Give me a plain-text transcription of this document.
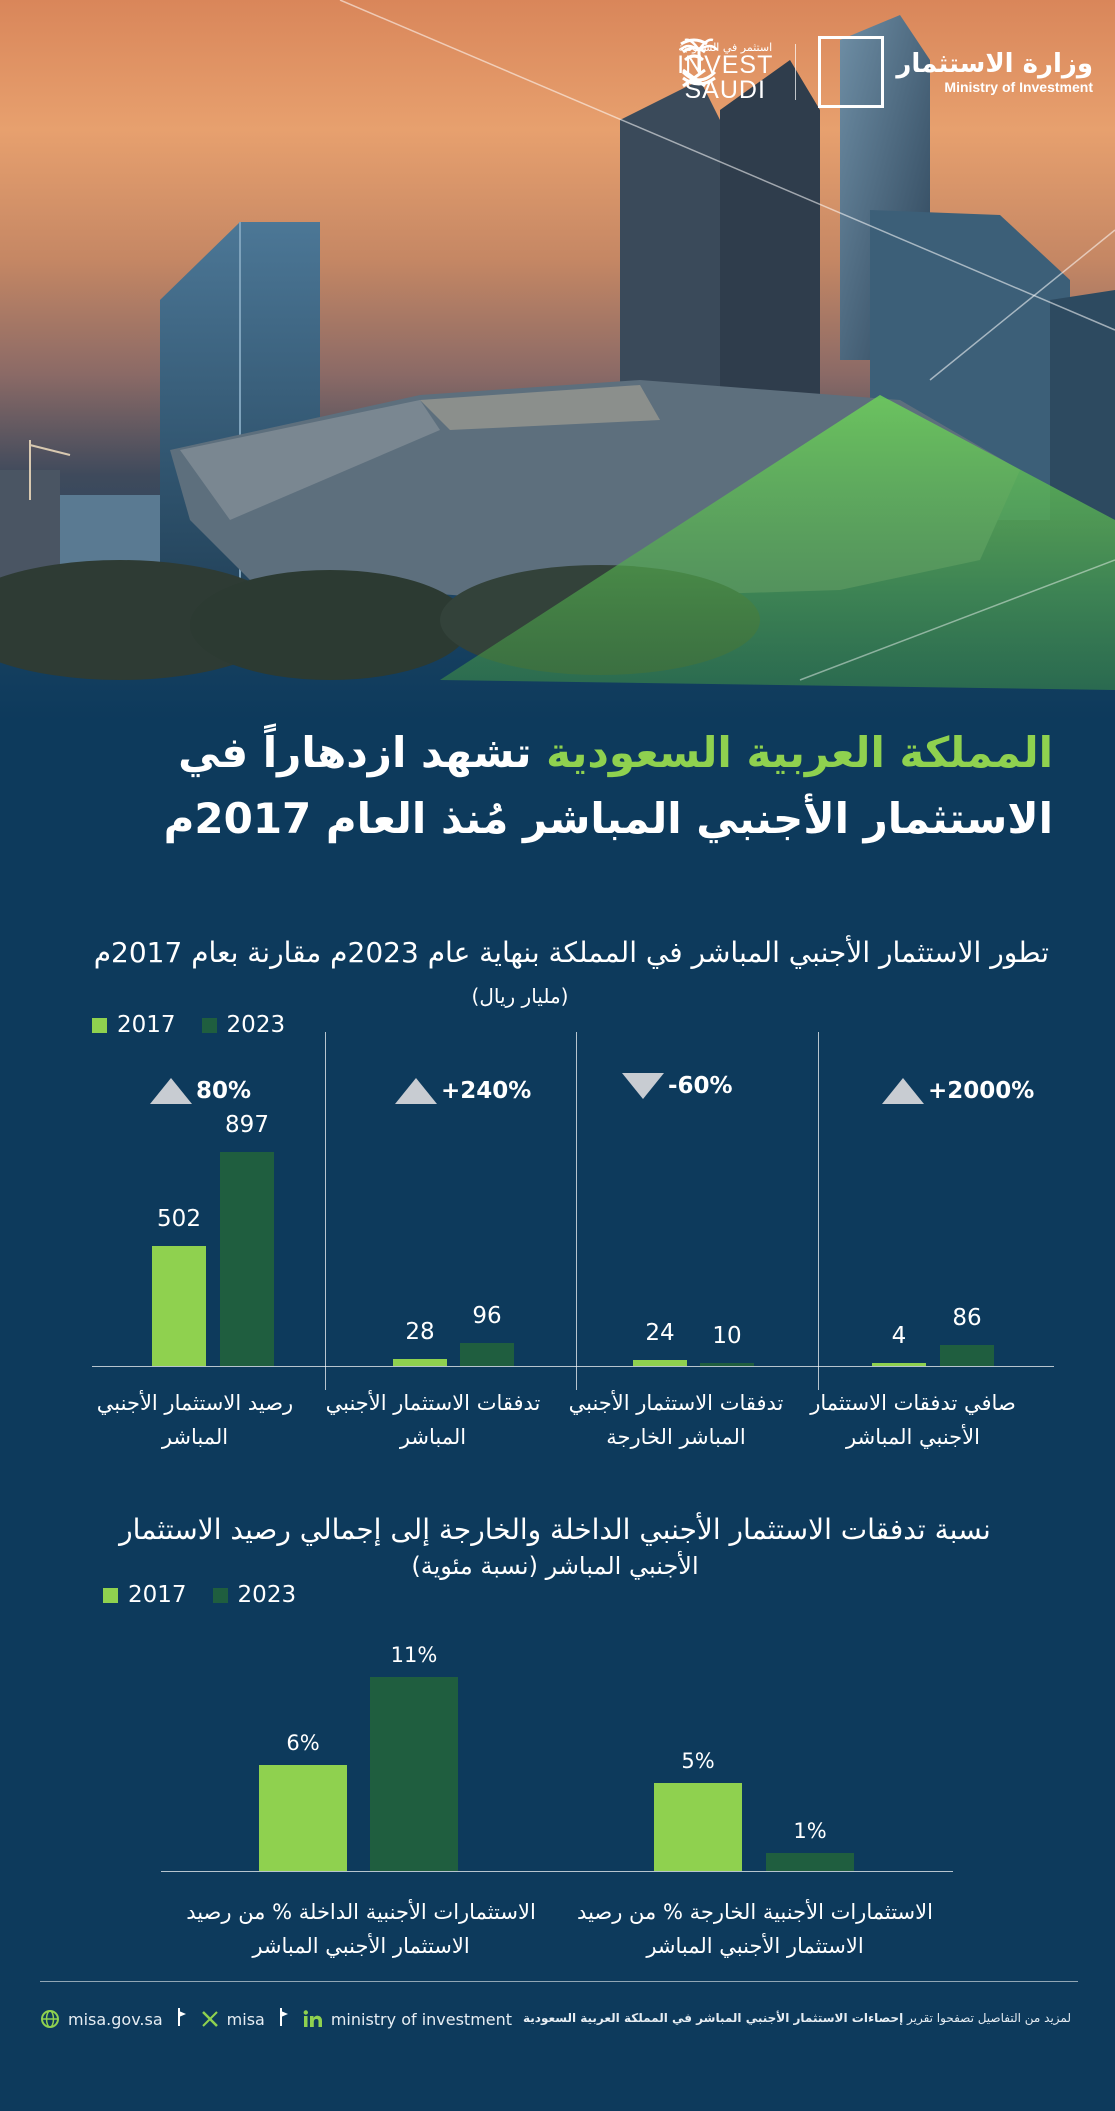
استثمر في السعودية
INVEST
SAUDI
وزارة الاستثمار
Ministry of Investment
المملكة العربية السعودية تشهد ازدهاراً في
الاستثمار الأجنبي المباشر مُنذ العام 2017م
تطور الاستثمار الأجنبي المباشر في المملكة بنهاية عام 2023م مقارنة بعام 2017م
(مليار ريال)
2017 2023
502
28	24	4
897
96
10
86
80%	+240%	-60%	+2000%
رصيد الاستثمار الأجنبي
المباشر
تدفقات الاستثمار الأجنبي
المباشر
تدفقات الاستثمار الأجنبي
المباشر الخارجة
صافي تدفقات الاستثمار
الأجنبي المباشر
نسبة تدفقات الاستثمار الأجنبي الداخلة والخارجة إلى إجمالي رصيد الاستثمار
الأجنبي المباشر (نسبة مئوية)
2017 2023
6%
5%
11%
1%
الاستثمارات الأجنبية الداخلة % من رصيد
الاستثمار الأجنبي المباشر
الاستثمارات الأجنبية الخارجة % من رصيد
الاستثمار الأجنبي المباشر
misa.gov.sa	misa	ministry of investment	لمزيد من التفاصيل تصفحوا تقرير إحصاءات الاستثمار الأجنبي المباشر في المملكة العربية السعودية
